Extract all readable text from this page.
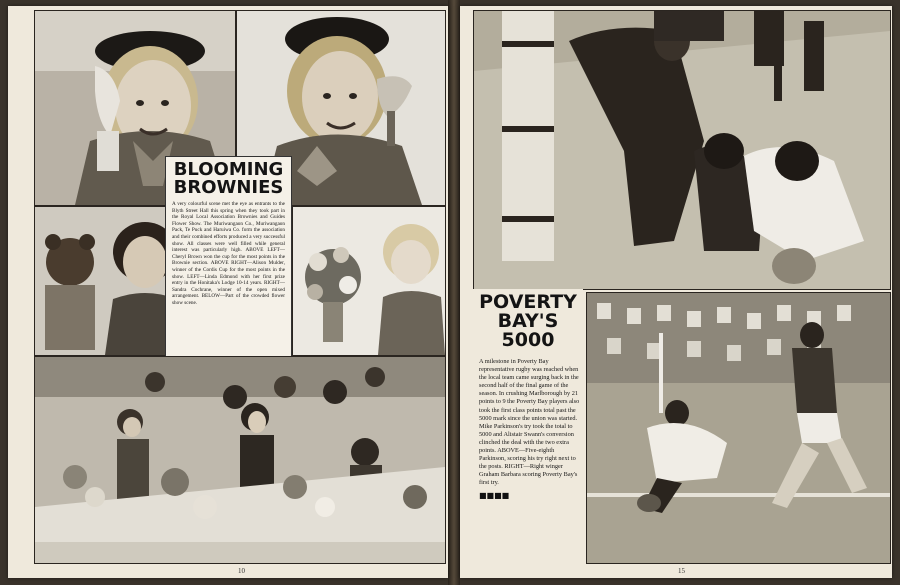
BLOOMING
BROWNIES
A very colourful scene met the eye as entrants to the Blyth Street Hall this spring when they took part in the Royal Local Association Brownies and Guides Flower Show. The Muriwangaon Co., Muriwangaon Pack, Te Puck and Haruiwa Co. form the association and their combined efforts produced a very successful show. All classes were well filled while general interest was particularly high. ABOVE LEFT—Cheryl Brown won the cup for the most points in the Brownie section. ABOVE RIGHT—Alison Mulder, winner of the Cordis Cup for the most points in the show. LEFT—Linda Edmond with her first prize entry in the Honitaka's Lodge 10-14 years. RIGHT—Sandra Cochrane, winner of the open mixed arrangement. BELOW—Part of the crowded flower show scene.
10
POVERTY
BAY'S
5000
A milestone in Poverty Bay representative rugby was reached when the local team came surging back in the second half of the final game of the season. In crushing Marlborough by 21 points to 9 the Poverty Bay players also took the first class points total past the 5000 mark since the union was started. Mike Parkinson's try took the total to 5000 and Alistair Swann's conversion clinched the deal with the two extra points. ABOVE—Five-eighth Parkinson, scoring his try right next to the posts. RIGHT—Right winger Graham Barbara scoring Poverty Bay's first try.
■■■■
15
